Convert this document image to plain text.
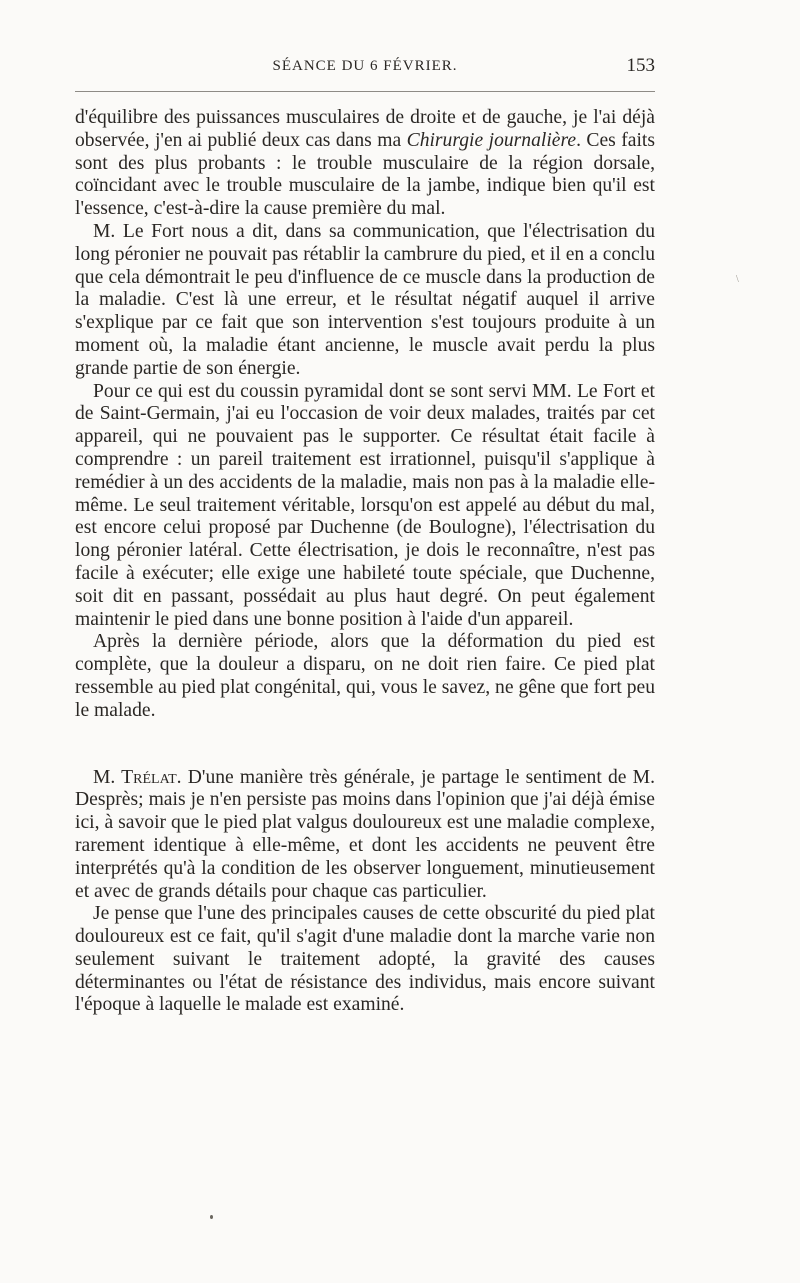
SÉANCE DU 6 FÉVRIER.	153

d'équilibre des puissances musculaires de droite et de gauche, je l'ai déjà observée, j'en ai publié deux cas dans ma Chirurgie journalière. Ces faits sont des plus probants : le trouble musculaire de la région dorsale, coïncidant avec le trouble musculaire de la jambe, indique bien qu'il est l'essence, c'est-à-dire la cause première du mal.

M. Le Fort nous a dit, dans sa communication, que l'électrisation du long péronier ne pouvait pas rétablir la cambrure du pied, et il en a conclu que cela démontrait le peu d'influence de ce muscle dans la production de la maladie. C'est là une erreur, et le résultat négatif auquel il arrive s'explique par ce fait que son intervention s'est toujours produite à un moment où, la maladie étant ancienne, le muscle avait perdu la plus grande partie de son énergie.

Pour ce qui est du coussin pyramidal dont se sont servi MM. Le Fort et de Saint-Germain, j'ai eu l'occasion de voir deux malades, traités par cet appareil, qui ne pouvaient pas le supporter. Ce résultat était facile à comprendre : un pareil traitement est irrationnel, puisqu'il s'applique à remédier à un des accidents de la maladie, mais non pas à la maladie elle-même. Le seul traitement véritable, lorsqu'on est appelé au début du mal, est encore celui proposé par Duchenne (de Boulogne), l'électrisation du long péronier latéral. Cette électrisation, je dois le reconnaître, n'est pas facile à exécuter; elle exige une habileté toute spéciale, que Duchenne, soit dit en passant, possédait au plus haut degré. On peut également maintenir le pied dans une bonne position à l'aide d'un appareil.

Après la dernière période, alors que la déformation du pied est complète, que la douleur a disparu, on ne doit rien faire. Ce pied plat ressemble au pied plat congénital, qui, vous le savez, ne gêne que fort peu le malade.

M. Trélat. D'une manière très générale, je partage le sentiment de M. Desprès; mais je n'en persiste pas moins dans l'opinion que j'ai déjà émise ici, à savoir que le pied plat valgus douloureux est une maladie complexe, rarement identique à elle-même, et dont les accidents ne peuvent être interprétés qu'à la condition de les observer longuement, minutieusement et avec de grands détails pour chaque cas particulier.

Je pense que l'une des principales causes de cette obscurité du pied plat douloureux est ce fait, qu'il s'agit d'une maladie dont la marche varie non seulement suivant le traitement adopté, la gravité des causes déterminantes ou l'état de résistance des individus, mais encore suivant l'époque à laquelle le malade est examiné.

\
